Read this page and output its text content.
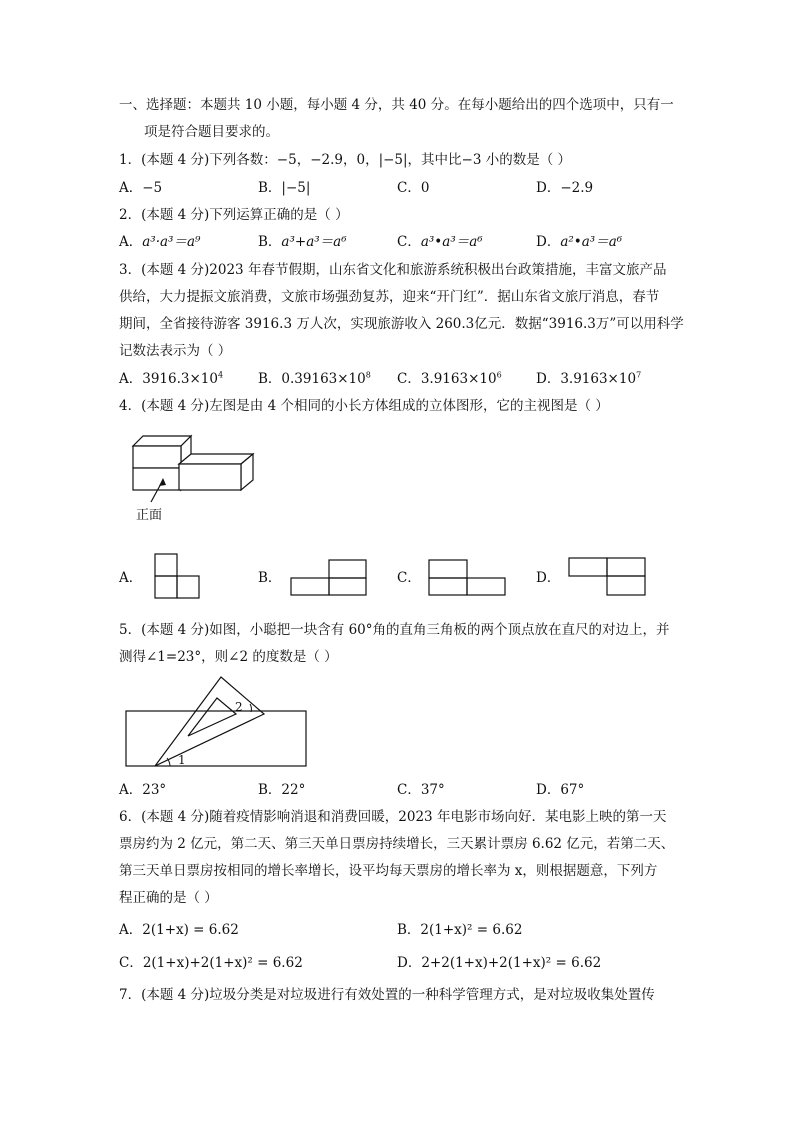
一、选择题：本题共 10 小题，每小题 4 分，共 40 分。在每小题给出的四个选项中，只有一
项是符合题目要求的。
1．(本题 4 分)下列各数：−5，−2.9，0，|−5|，其中比−3 小的数是（ ）
A．−5	B．|−5|	C．0	D．−2.9
2．(本题 4 分)下列运算正确的是（ ）
A．a³·a³＝a⁹	B．a³+a³＝a⁶	C．a³•a³＝a⁶	D．a²•a³＝a⁶
3．(本题 4 分)2023 年春节假期，山东省文化和旅游系统积极出台政策措施，丰富文旅产品
供给，大力提振文旅消费，文旅市场强劲复苏，迎来“开门红”．据山东省文旅厅消息，春节
期间，全省接待游客 3916.3 万人次，实现旅游收入 260.3亿元．数据“3916.3万”可以用科学
记数法表示为（ ）
A．$3916.3\times 10^4$	B．$0.39163\times 10^8$ C．$3.9163\times 10^6$	D．$3.9163\times 10^7$
4．(本题 4 分)左图是由 4 个相同的小长方体组成的立体图形，它的主视图是（ ）
正面
A．	B．	C．	D．
5．(本题 4 分)如图，小聪把一块含有 60°角的直角三角板的两个顶点放在直尺的对边上，并
测得∠1=23°，则∠2 的度数是（ ）
1
2
A．23°	B．22°	C．37°	D．67°
6．(本题 4 分)随着疫情影响消退和消费回暖，2023 年电影市场向好．某电影上映的第一天
票房约为 2 亿元，第二天、第三天单日票房持续增长，三天累计票房 6.62 亿元，若第二天、
第三天单日票房按相同的增长率增长，设平均每天票房的增长率为 x，则根据题意，下列方
程正确的是（ ）
A．2(1+x) = 6.62	B．2(1+x)² = 6.62
C．2(1+x)+2(1+x)² = 6.62	D．2+2(1+x)+2(1+x)² = 6.62
7．(本题 4 分)垃圾分类是对垃圾进行有效处置的一种科学管理方式，是对垃圾收集处置传
